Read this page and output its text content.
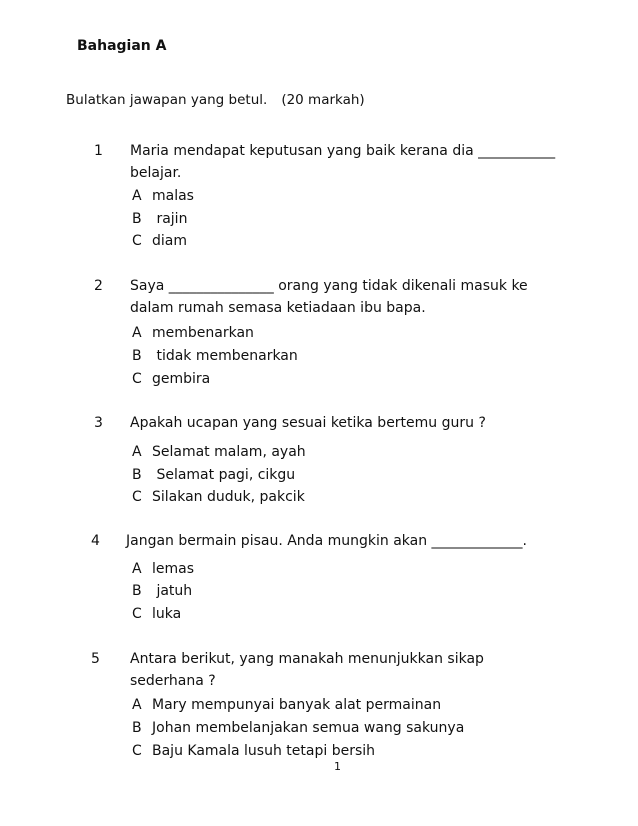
Bahagian A
Bulatkan jawapan yang betul. (20 markah)
1 Maria mendapat keputusan yang baik kerana dia ___________ belajar.
A malas
B rajin
C diam
2 Saya _______________ orang yang tidak dikenali masuk ke dalam rumah semasa ketiadaan ibu bapa.
A membenarkan
B tidak membenarkan
C gembira
3 Apakah ucapan yang sesuai ketika bertemu guru ?
A Selamat malam, ayah
B Selamat pagi, cikgu
C Silakan duduk, pakcik
4 Jangan bermain pisau. Anda mungkin akan _____________.
A lemas
B jatuh
C luka
5 Antara berikut, yang manakah menunjukkan sikap sederhana ?
A Mary mempunyai banyak alat permainan
B Johan membelanjakan semua wang sakunya
C Baju Kamala lusuh tetapi bersih
1
